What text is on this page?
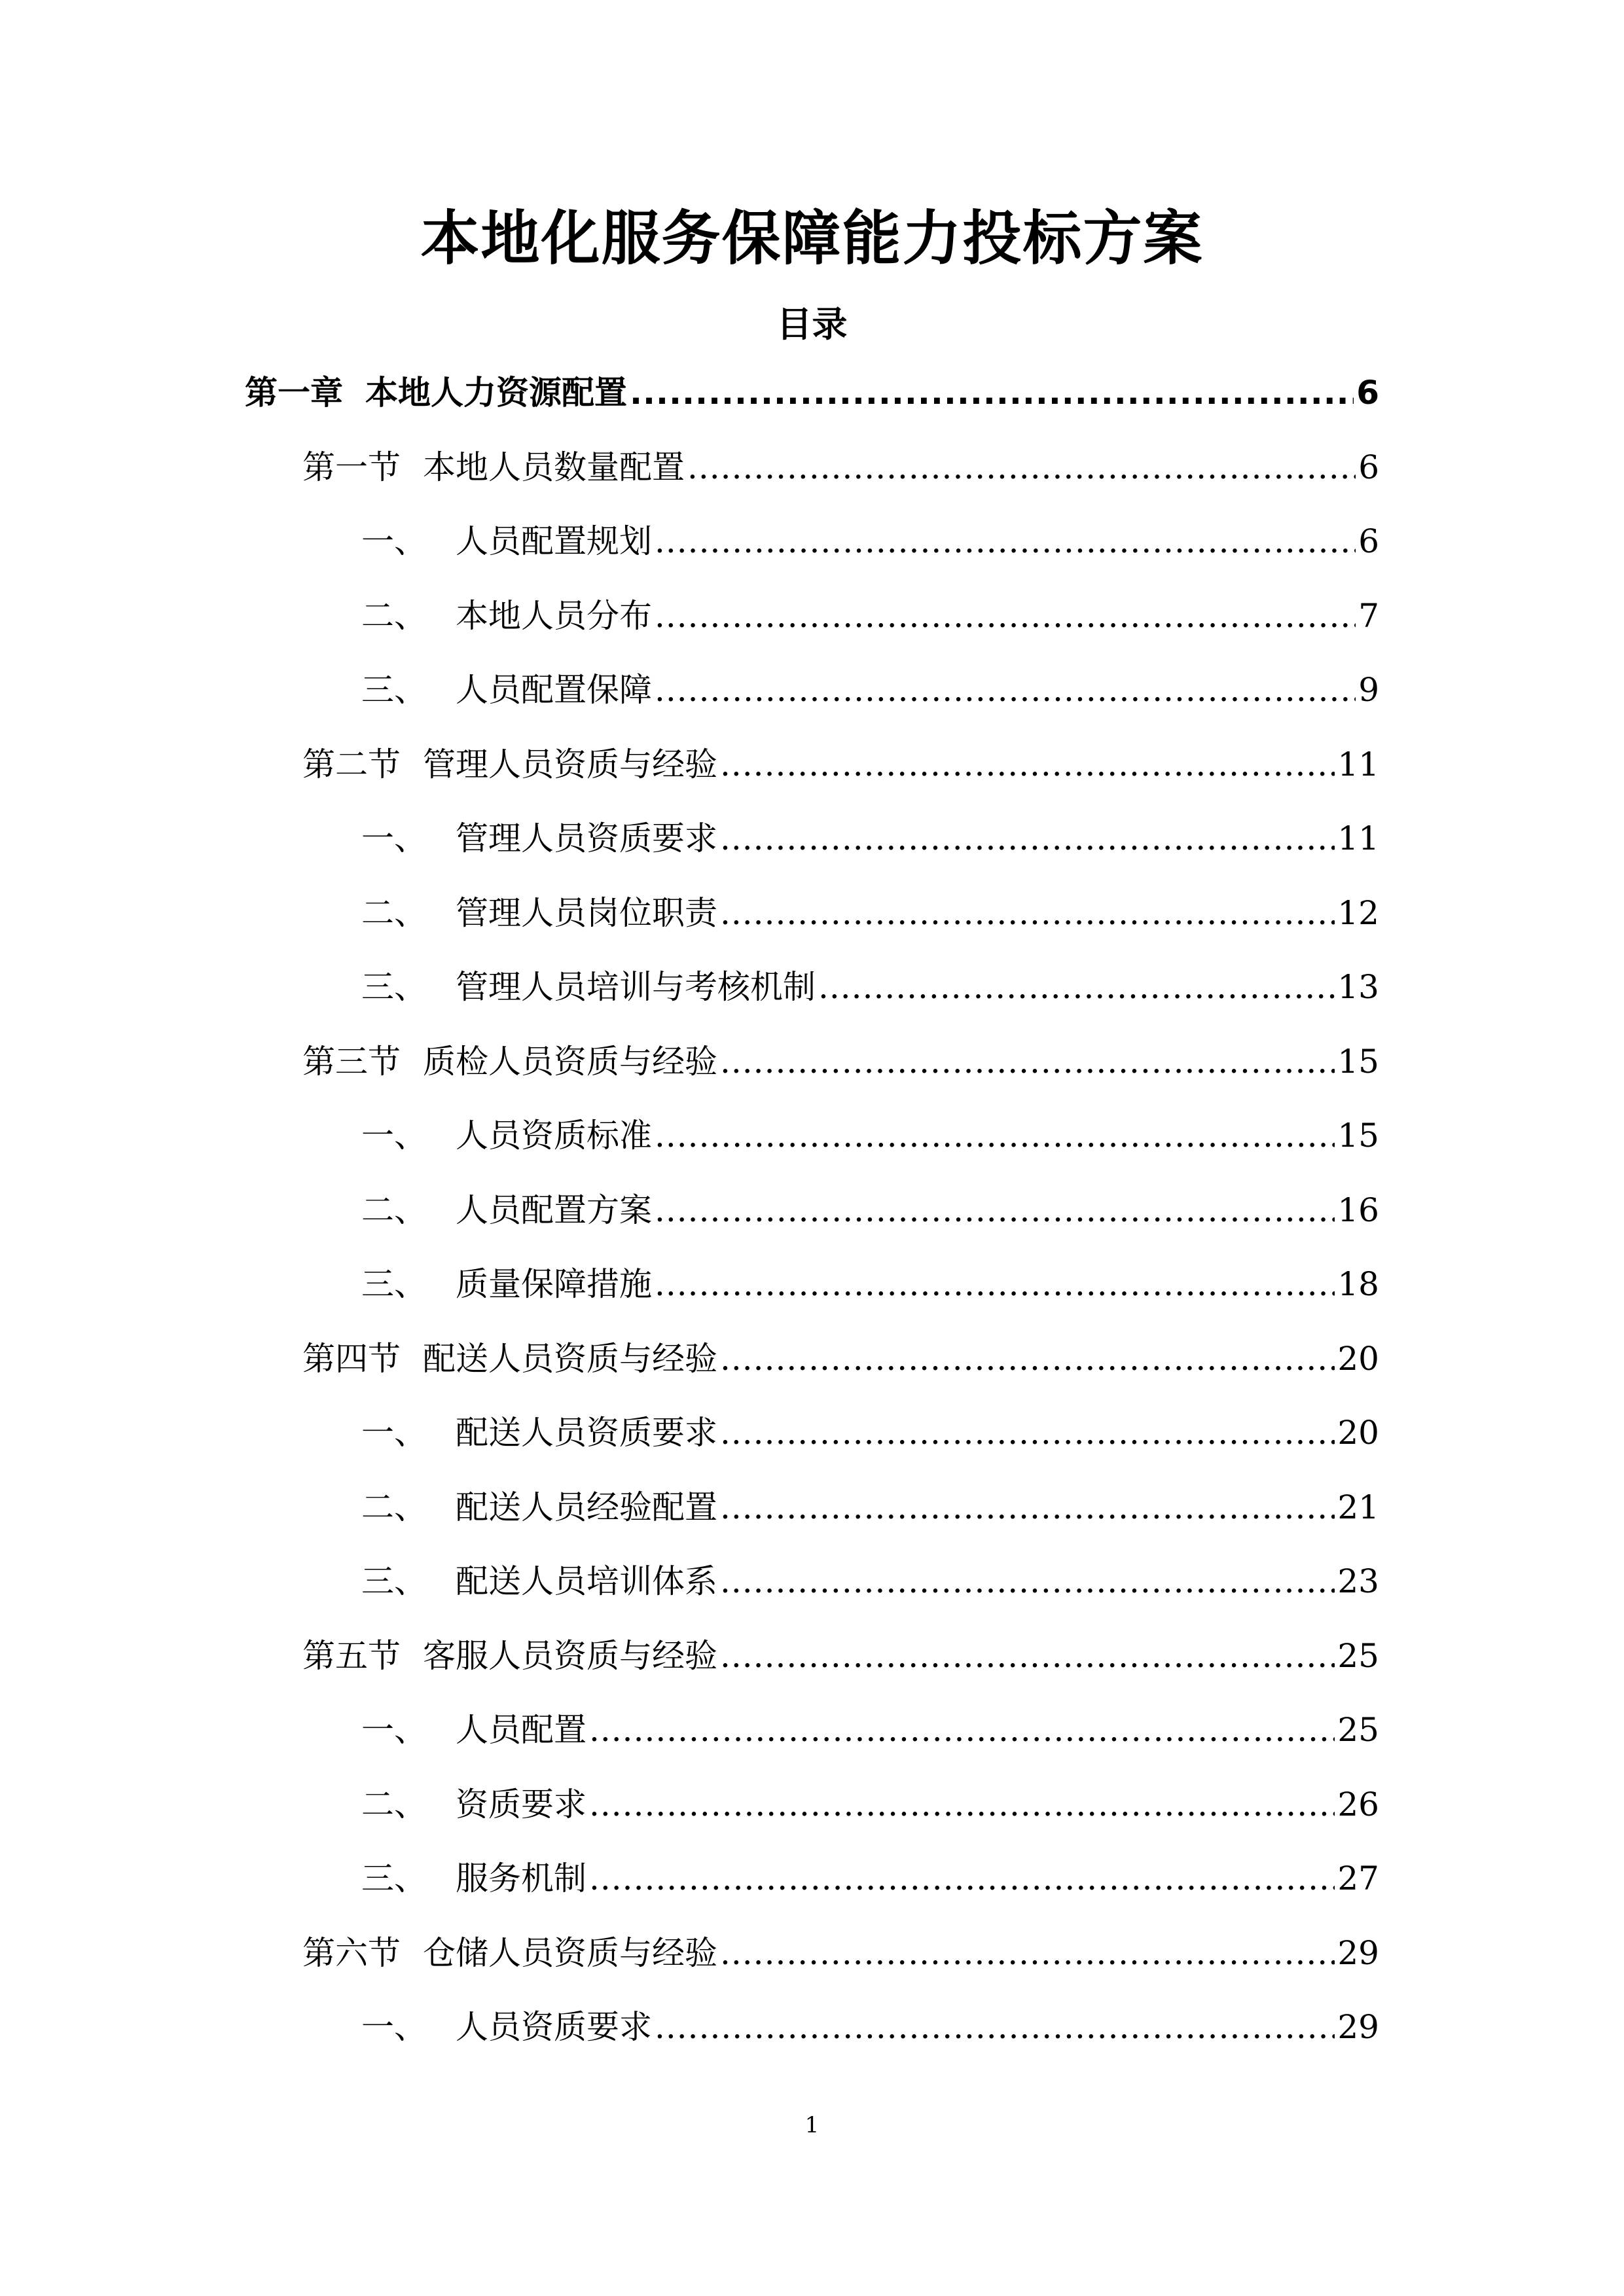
本地化服务保障能力投标方案
目录
第一章 本地人力资源配置 .....	6
第一节 本地人员数量配置 .....	6
一、 人员配置规划 .....	6
二、 本地人员分布 .....	7
三、 人员配置保障 .....	9
第二节 管理人员资质与经验 .....	11
一、 管理人员资质要求 .....	11
二、 管理人员岗位职责 .....	12
三、 管理人员培训与考核机制 .....	13
第三节 质检人员资质与经验 .....	15
一、 人员资质标准 .....	15
二、 人员配置方案 .....	16
三、 质量保障措施 .....	18
第四节 配送人员资质与经验 .....	20
一、 配送人员资质要求 .....	20
二、 配送人员经验配置 .....	21
三、 配送人员培训体系 .....	23
第五节 客服人员资质与经验 .....	25
一、 人员配置 .....	25
二、 资质要求 .....	26
三、 服务机制 .....	27
第六节 仓储人员资质与经验 .....	29
一、 人员资质要求 .....	29
1
